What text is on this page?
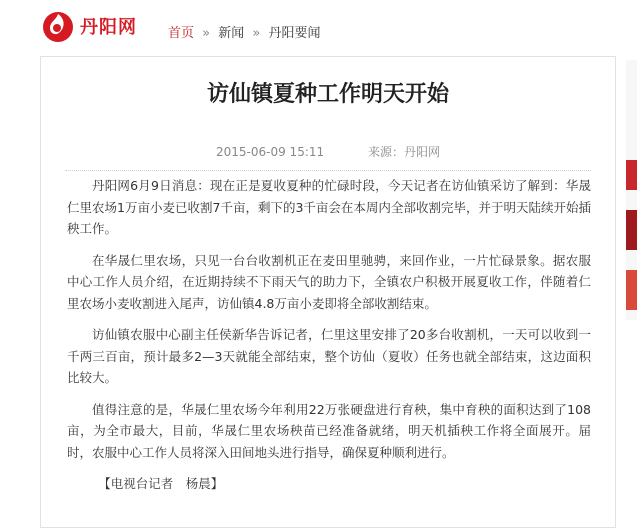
丹阳网 首页 » 新闻 » 丹阳要闻
访仙镇夏种工作明天开始
2015-06-09 15:11	来源：丹阳网

丹阳网6月9日消息：现在正是夏收夏种的忙碌时段，今天记者在访仙镇采访了解到：华晟仁里农场1万亩小麦已收割7千亩，剩下的3千亩会在本周内全部收割完毕，并于明天陆续开始插秧工作。

在华晟仁里农场，只见一台台收割机正在麦田里驰骋，来回作业，一片忙碌景象。据农服中心工作人员介绍，在近期持续不下雨天气的助力下，全镇农户积极开展夏收工作，伴随着仁里农场小麦收割进入尾声，访仙镇4.8万亩小麦即将全部收割结束。

访仙镇农服中心副主任侯新华告诉记者，仁里这里安排了20多台收割机，一天可以收到一千两三百亩，预计最多2—3天就能全部结束，整个访仙（夏收）任务也就全部结束，这边面积比较大。

值得注意的是，华晟仁里农场今年利用22万张硬盘进行育秧，集中育秧的面积达到了108亩，为全市最大，目前，华晟仁里农场秧苗已经准备就绪，明天机插秧工作将全面展开。届时，农服中心工作人员将深入田间地头进行指导，确保夏种顺利进行。

【电视台记者　杨晨】
